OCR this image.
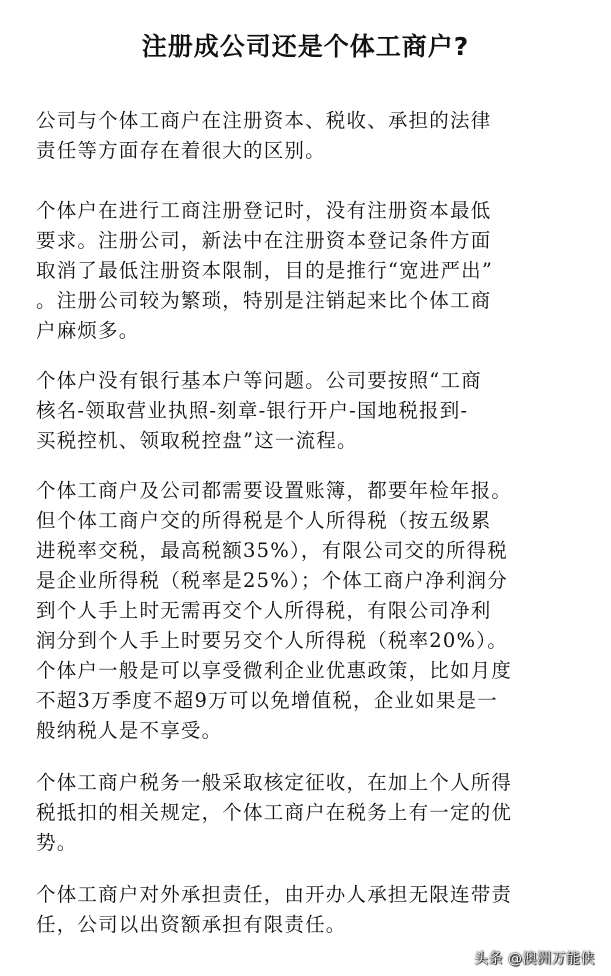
注册成公司还是个体工商户?
公司与个体工商户在注册资本、税收、承担的法律
责任等方面存在着很大的区别。
个体户在进行工商注册登记时，没有注册资本最低
要求。注册公司，新法中在注册资本登记条件方面
取消了最低注册资本限制，目的是推行“宽进严出”
。注册公司较为繁琐，特别是注销起来比个体工商
户麻烦多。
个体户没有银行基本户等问题。公司要按照“工商
核名-领取营业执照-刻章-银行开户-国地税报到-
买税控机、领取税控盘”这一流程。
个体工商户及公司都需要设置账簿，都要年检年报。
但个体工商户交的所得税是个人所得税（按五级累
进税率交税，最高税额35%），有限公司交的所得税
是企业所得税（税率是25%）；个体工商户净利润分
到个人手上时无需再交个人所得税，有限公司净利
润分到个人手上时要另交个人所得税（税率20%）。
个体户一般是可以享受微利企业优惠政策，比如月度
不超3万季度不超9万可以免增值税，企业如果是一
般纳税人是不享受。
个体工商户税务一般采取核定征收，在加上个人所得
税抵扣的相关规定，个体工商户在税务上有一定的优
势。
个体工商户对外承担责任，由开办人承担无限连带责
任，公司以出资额承担有限责任。
头条 @澳洲万能侠
